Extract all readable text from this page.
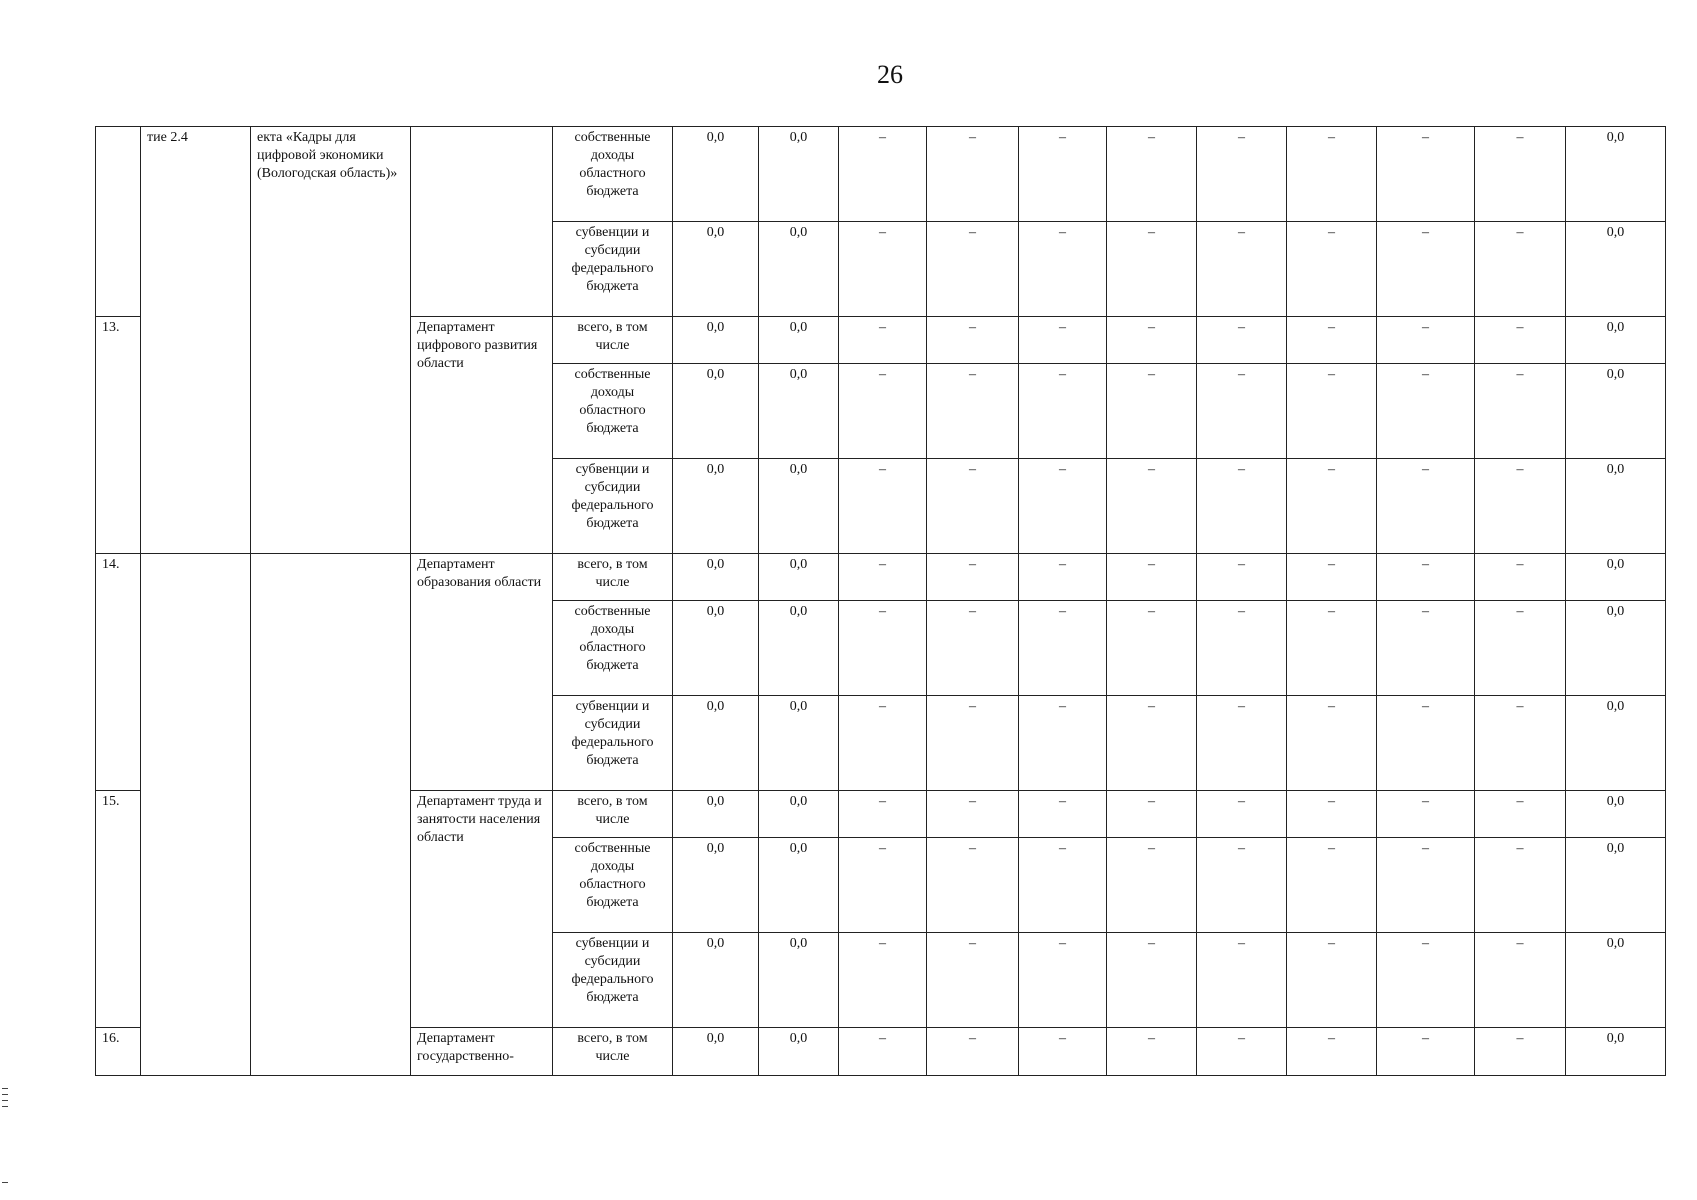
26
	тие 2.4	екта «Кадры для цифровой экономики (Вологодская область)»		собственные доходы областного бюджета	0,0	0,0	–	–	–	–	–	–	–	–	0,0
				субвенции и субсидии федерального бюджета	0,0	0,0	–	–	–	–	–	–	–	–	0,0
13.			Департамент цифрового развития области	всего, в том числе	0,0	0,0	–	–	–	–	–	–	–	–	0,0
				собственные доходы областного бюджета	0,0	0,0	–	–	–	–	–	–	–	–	0,0
				субвенции и субсидии федерального бюджета	0,0	0,0	–	–	–	–	–	–	–	–	0,0
14.			Департамент образования области	всего, в том числе	0,0	0,0	–	–	–	–	–	–	–	–	0,0
				собственные доходы областного бюджета	0,0	0,0	–	–	–	–	–	–	–	–	0,0
				субвенции и субсидии федерального бюджета	0,0	0,0	–	–	–	–	–	–	–	–	0,0
15.			Департамент труда и занятости населения области	всего, в том числе	0,0	0,0	–	–	–	–	–	–	–	–	0,0
				собственные доходы областного бюджета	0,0	0,0	–	–	–	–	–	–	–	–	0,0
				субвенции и субсидии федерального бюджета	0,0	0,0	–	–	–	–	–	–	–	–	0,0
16.			Департамент государственно-	всего, в том числе	0,0	0,0	–	–	–	–	–	–	–	–	0,0
